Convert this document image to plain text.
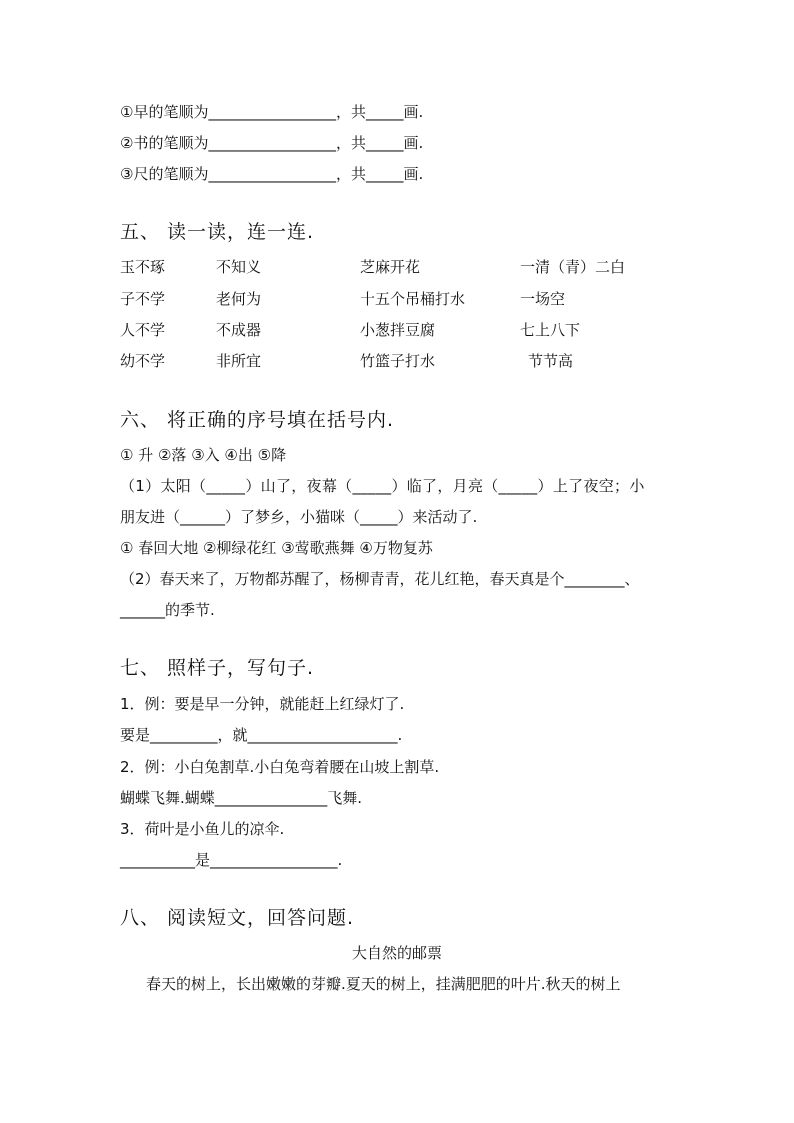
①早的笔顺为_________________，共_____画.
②书的笔顺为_________________，共_____画.
③尺的笔顺为_________________，共_____画.
五、 读一读，连一连.
玉不琢
子不学
人不学
幼不学
不知义
老何为
不成器
非所宜
芝麻开花
十五个吊桶打水
小葱拌豆腐
竹篮子打水
一清（青）二白
一场空
七上八下
节节高
六、 将正确的序号填在括号内.
① 升 ②落 ③入 ④出 ⑤降
（1）太阳（_____）山了，夜幕（_____）临了，月亮（_____）上了夜空；小
朋友进（______）了梦乡，小猫咪（_____）来活动了.
① 春回大地 ②柳绿花红 ③莺歌燕舞 ④万物复苏
（2）春天来了，万物都苏醒了，杨柳青青，花儿红艳，春天真是个________、
______的季节.
七、 照样子，写句子.
1．例：要是早一分钟，就能赶上红绿灯了.
要是_________，就____________________.
2．例：小白兔割草.小白兔弯着腰在山坡上割草.
蝴蝶飞舞.蝴蝶_______________飞舞.
3．荷叶是小鱼儿的凉伞.
__________是_________________.
八、 阅读短文，回答问题.
大自然的邮票
春天的树上，长出嫩嫩的芽瓣.夏天的树上，挂满肥肥的叶片.秋天的树上
